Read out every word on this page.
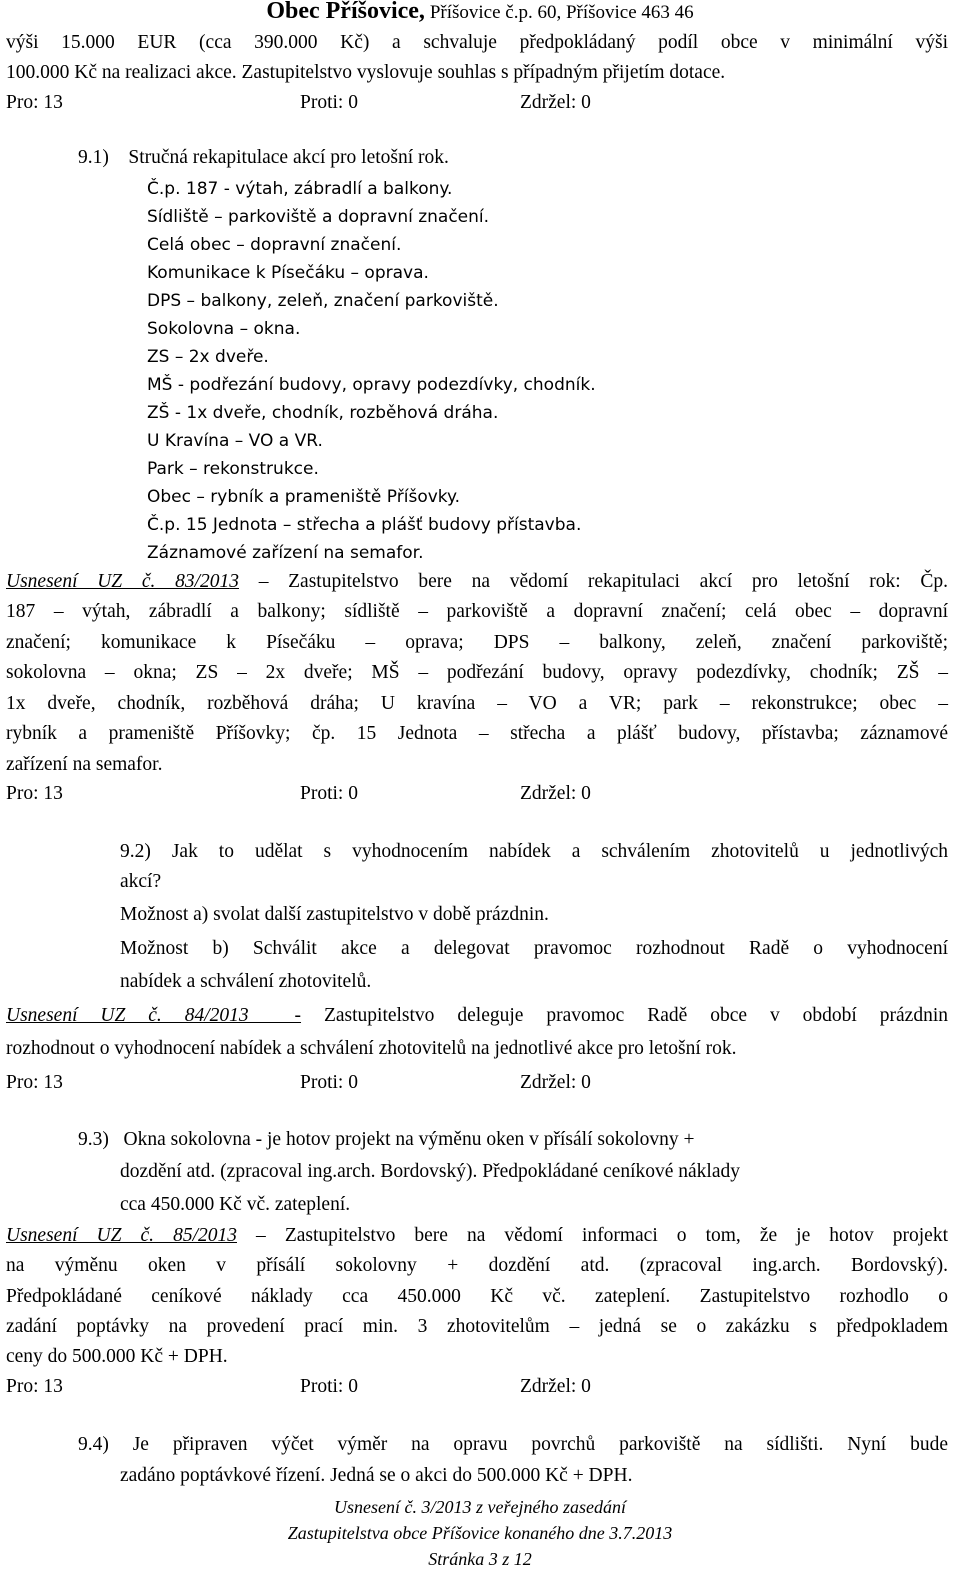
Obec Příšovice, Příšovice č.p. 60, Příšovice 463 46
výši 15.000 EUR (cca 390.000 Kč) a schvaluje předpokládaný podíl obce v minimální výši
100.000 Kč na realizaci akce. Zastupitelstvo vyslovuje souhlas s případným přijetím dotace.
Pro: 13	Proti: 0	Zdržel: 0
9.1)    Stručná rekapitulace akcí pro letošní rok.
Č.p. 187 - výtah, zábradlí a balkony.
Sídliště – parkoviště a dopravní značení.
Celá obec – dopravní značení.
Komunikace k Písečáku – oprava.
DPS – balkony, zeleň, značení parkoviště.
Sokolovna – okna.
ZS – 2x dveře.
MŠ - podřezání budovy, opravy podezdívky, chodník.
ZŠ - 1x dveře, chodník, rozběhová dráha.
U Kravína – VO a VR.
Park – rekonstrukce.
Obec – rybník a prameniště Příšovky.
Č.p. 15 Jednota – střecha a plášť budovy přístavba.
Záznamové zařízení na semafor.
Usnesení UZ č. 83/2013 – Zastupitelstvo bere na vědomí rekapitulaci akcí pro letošní rok: Čp.
187 – výtah, zábradlí a balkony; sídliště – parkoviště a dopravní značení; celá obec – dopravní
značení; komunikace k Písečáku – oprava; DPS – balkony, zeleň, značení parkoviště;
sokolovna – okna; ZS – 2x dveře; MŠ – podřezání budovy, opravy podezdívky, chodník; ZŠ –
1x dveře, chodník, rozběhová dráha; U kravína – VO a VR; park – rekonstrukce; obec –
rybník a prameniště Příšovky; čp. 15 Jednota – střecha a plášť budovy, přístavba; záznamové
zařízení na semafor.
Pro: 13	Proti: 0	Zdržel: 0
9.2) Jak to udělat s vyhodnocením nabídek a schválením zhotovitelů u jednotlivých
akcí?
Možnost a) svolat další zastupitelstvo v době prázdnin.
Možnost b) Schválit akce a delegovat pravomoc rozhodnout Radě o vyhodnocení
nabídek a schválení zhotovitelů.
Usnesení UZ č. 84/2013  - Zastupitelstvo deleguje pravomoc Radě obce v období prázdnin
rozhodnout o vyhodnocení nabídek a schválení zhotovitelů na jednotlivé akce pro letošní rok.
Pro: 13	Proti: 0	Zdržel: 0
9.3)   Okna sokolovna - je hotov projekt na výměnu oken v přísálí sokolovny +
dozdění atd. (zpracoval ing.arch. Bordovský). Předpokládané ceníkové náklady
cca 450.000 Kč vč. zateplení.
Usnesení UZ č. 85/2013 – Zastupitelstvo bere na vědomí informaci o tom, že je hotov projekt
na výměnu oken v přísálí sokolovny + dozdění atd. (zpracoval ing.arch. Bordovský).
Předpokládané ceníkové náklady cca 450.000 Kč vč. zateplení. Zastupitelstvo rozhodlo o
zadání poptávky na provedení prací min. 3 zhotovitelům – jedná se o zakázku s předpokladem
ceny do 500.000 Kč + DPH.
Pro: 13	Proti: 0	Zdržel: 0
9.4) Je připraven výčet výměr na opravu povrchů parkoviště na sídlišti. Nyní bude
zadáno poptávkové řízení. Jedná se o akci do 500.000 Kč + DPH.
Usnesení č. 3/2013 z veřejného zasedání
Zastupitelstva obce Příšovice konaného dne 3.7.2013
Stránka 3 z 12
